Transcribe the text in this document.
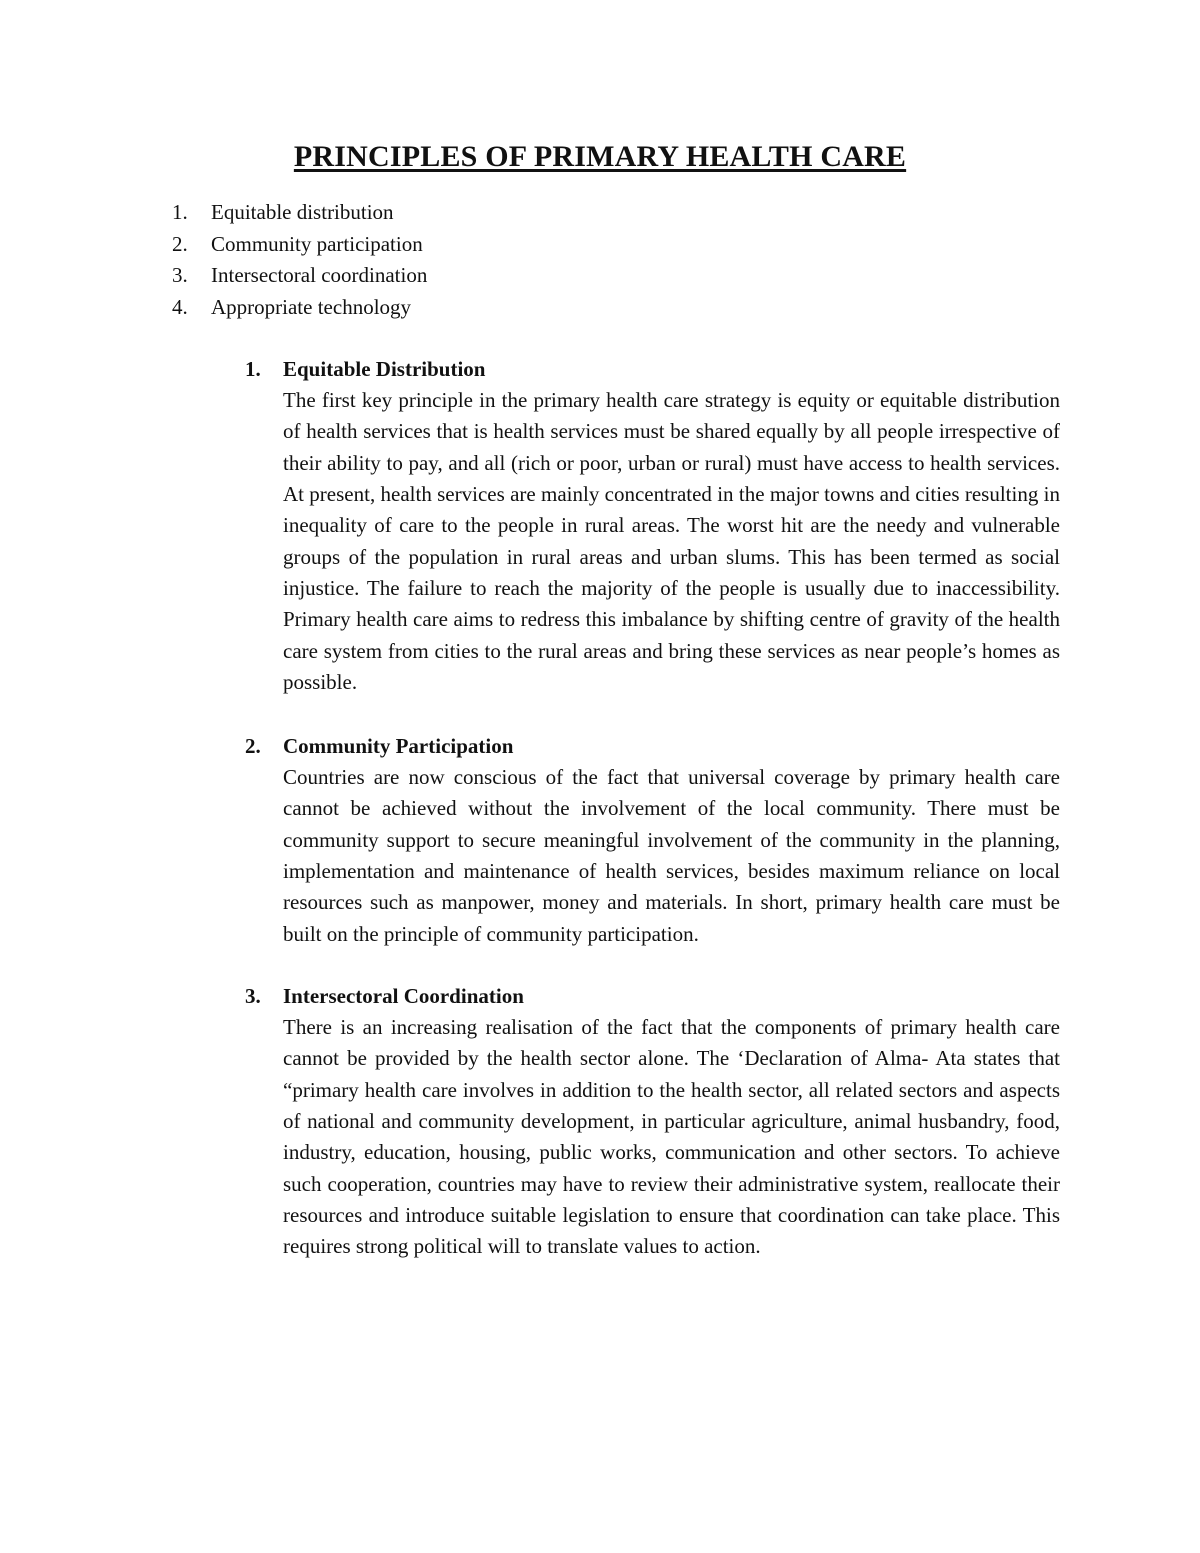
PRINCIPLES OF PRIMARY HEALTH CARE
1. Equitable distribution
2. Community participation
3. Intersectoral coordination
4. Appropriate technology
1. Equitable Distribution
The first key principle in the primary health care strategy is equity or equitable distribution of health services that is health services must be shared equally by all people irrespective of their ability to pay, and all (rich or poor, urban or rural) must have access to health services. At present, health services are mainly concentrated in the major towns and cities resulting in inequality of care to the people in rural areas. The worst hit are the needy and vulnerable groups of the population in rural areas and urban slums. This has been termed as social injustice. The failure to reach the majority of the people is usually due to inaccessibility. Primary health care aims to redress this imbalance by shifting centre of gravity of the health care system from cities to the rural areas and bring these services as near people’s homes as possible.
2. Community Participation
Countries are now conscious of the fact that universal coverage by primary health care cannot be achieved without the involvement of the local community. There must be community support to secure meaningful involvement of the community in the planning, implementation and maintenance of health services, besides maximum reliance on local resources such as manpower, money and materials. In short, primary health care must be built on the principle of community participation.
3. Intersectoral Coordination
There is an increasing realisation of the fact that the components of primary health care cannot be provided by the health sector alone. The ‘Declaration of Alma- Ata states that “primary health care involves in addition to the health sector, all related sectors and aspects of national and community development, in particular agriculture, animal husbandry, food, industry, education, housing, public works, communication and other sectors. To achieve such cooperation, countries may have to review their administrative system, reallocate their resources and introduce suitable legislation to ensure that coordination can take place. This requires strong political will to translate values to action.
